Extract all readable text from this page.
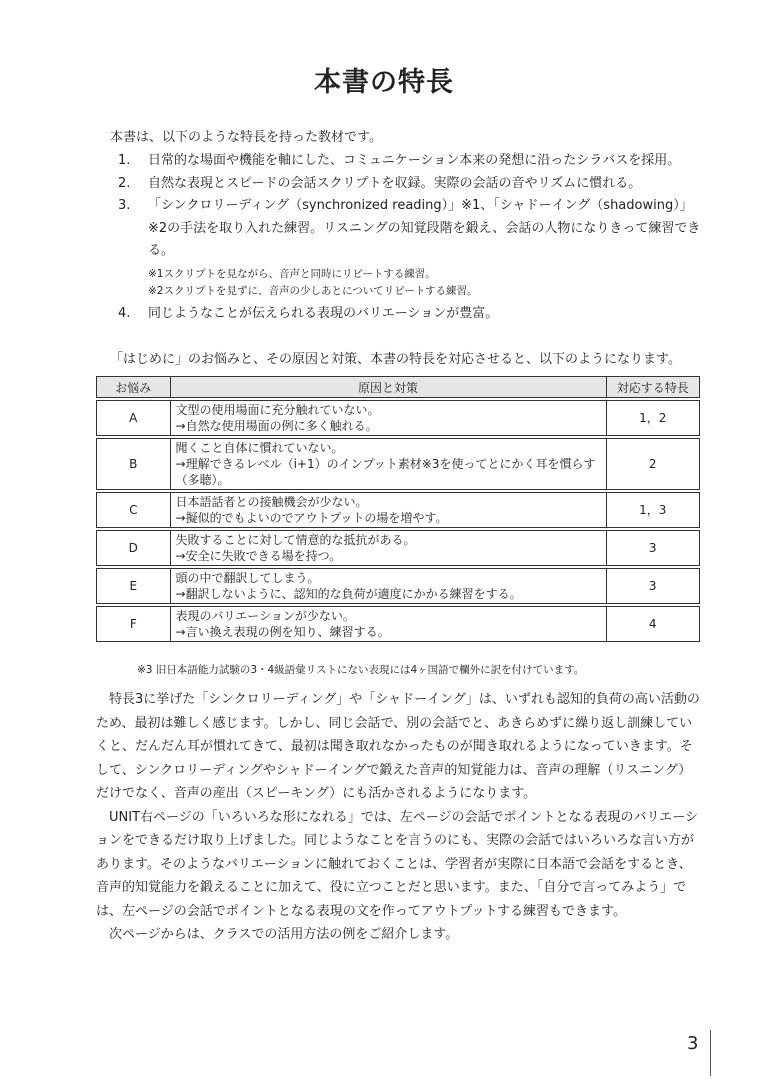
本書の特長
本書は、以下のような特長を持った教材です。
1.	日常的な場面や機能を軸にした、コミュニケーション本来の発想に沿ったシラバスを採用。
2.	自然な表現とスピードの会話スクリプトを収録。実際の会話の音やリズムに慣れる。
3.	「シンクロリーディング（synchronized reading）」※1、「シャドーイング（shadowing）」※2の手法を取り入れた練習。リスニングの知覚段階を鍛え、会話の人物になりきって練習できる。
※1スクリプトを見ながら、音声と同時にリピートする練習。
※2スクリプトを見ずに、音声の少しあとについてリピートする練習。
4.	同じようなことが伝えられる表現のバリエーションが豊富。
「はじめに」のお悩みと、その原因と対策、本書の特長を対応させると、以下のようになります。
お悩み	原因と対策	対応する特長

A	文型の使用場面に充分触れていない。
→自然な使用場面の例に多く触れる。	1，2

B	聞くこと自体に慣れていない。
→理解できるレベル（i+1）のインプット素材※3を使ってとにかく耳を慣らす
（多聴）。	2

C	日本語話者との接触機会が少ない。
→擬似的でもよいのでアウトプットの場を増やす。	1，3

D	失敗することに対して情意的な抵抗がある。
→安全に失敗できる場を持つ。	3

E	頭の中で翻訳してしまう。
→翻訳しないように、認知的な負荷が適度にかかる練習をする。	3

F	表現のバリエーションが少ない。
→言い換え表現の例を知り、練習する。	4
※3 旧日本語能力試験の3・4級語彙リストにない表現には4ヶ国語で欄外に訳を付けています。

特長3に挙げた「シンクロリーディング」や「シャドーイング」は、いずれも認知的負荷の高い活動のため、最初は難しく感じます。しかし、同じ会話で、別の会話でと、あきらめずに繰り返し訓練していくと、だんだん耳が慣れてきて、最初は聞き取れなかったものが聞き取れるようになっていきます。そして、シンクロリーディングやシャドーイングで鍛えた音声的知覚能力は、音声の理解（リスニング）だけでなく、音声の産出（スピーキング）にも活かされるようになります。

UNIT右ページの「いろいろな形になれる」では、左ページの会話でポイントとなる表現のバリエーションをできるだけ取り上げました。同じようなことを言うのにも、実際の会話ではいろいろな言い方があります。そのようなバリエーションに触れておくことは、学習者が実際に日本語で会話をするとき、音声的知覚能力を鍛えることに加えて、役に立つことだと思います。また、「自分で言ってみよう」では、左ページの会話でポイントとなる表現の文を作ってアウトプットする練習もできます。

次ページからは、クラスでの活用方法の例をご紹介します。

3
